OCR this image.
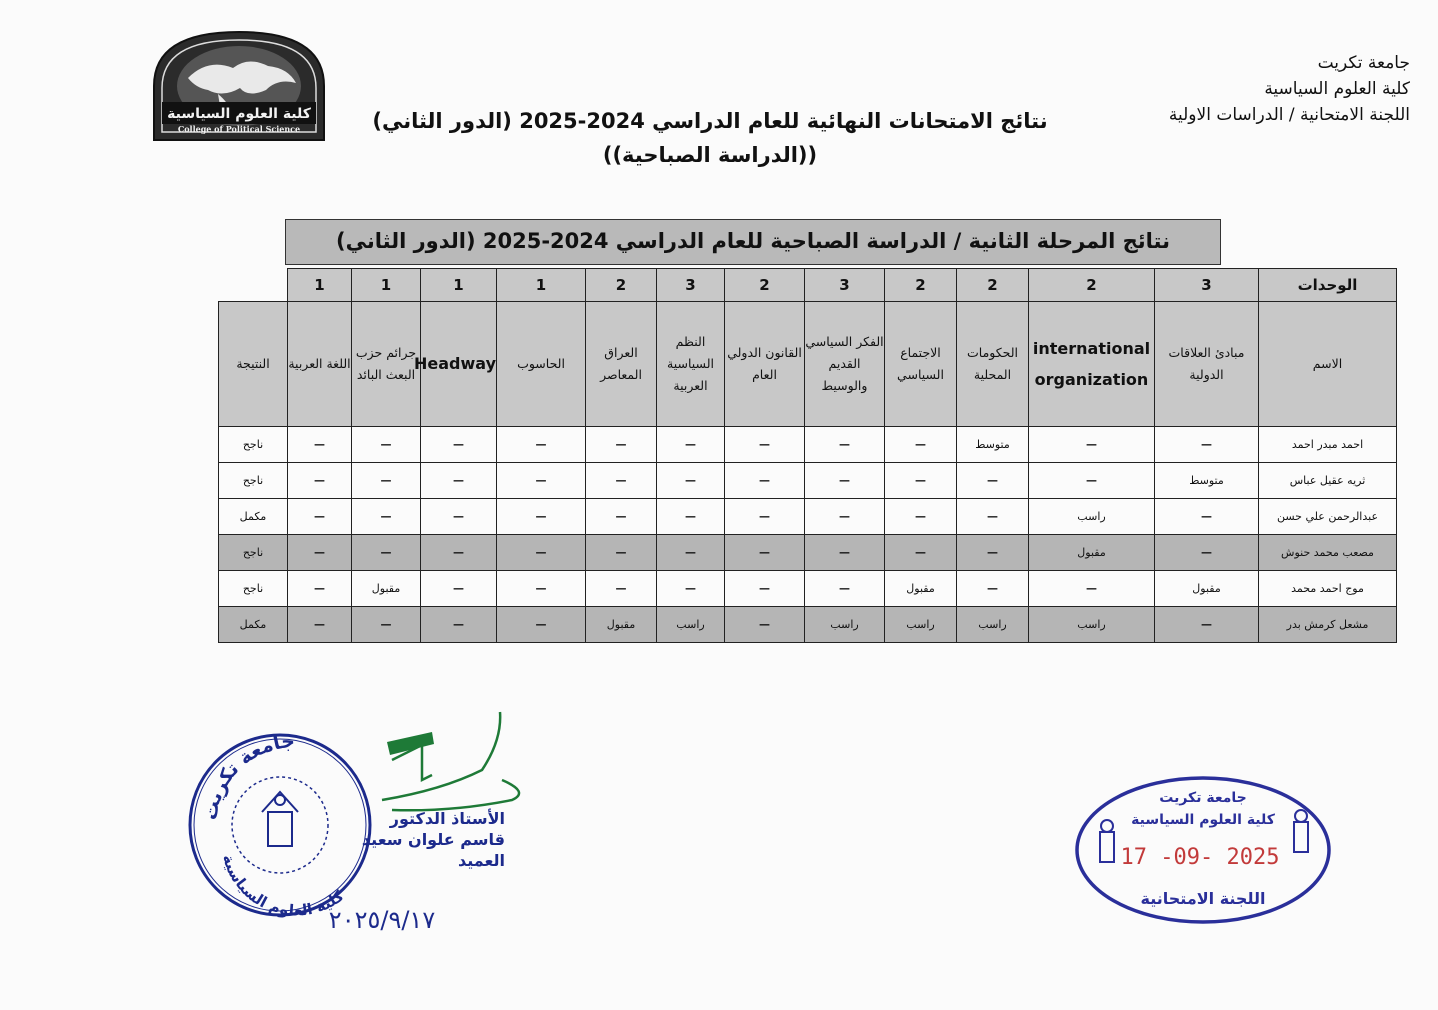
جامعة تكريت
كلية العلوم السياسية
اللجنة الامتحانية / الدراسات الاولية
نتائج الامتحانات النهائية للعام الدراسي 2024-2025 (الدور الثاني)
((الدراسة الصباحية))
كلية العلوم السياسية
College of Political Science
نتائج المرحلة الثانية / الدراسة الصباحية للعام الدراسي 2024-2025 (الدور الثاني)
الوحدات	3	2	2	2	3	2	3	2	1	1	1	1	
الاسم	مبادئ العلاقات الدولية	international organization	الحكومات المحلية	الاجتماع السياسي	الفكر السياسي القديم والوسيط	القانون الدولي العام	النظم السياسية العربية	العراق المعاصر	الحاسوب	Headway	جرائم حزب البعث البائد	اللغة العربية	النتيجة
احمد مبدر احمد	—	—	متوسط	—	—	—	—	—	—	—	—	—	ناجح
ثريه عقيل عباس	متوسط	—	—	—	—	—	—	—	—	—	—	—	ناجح
عبدالرحمن علي حسن	—	راسب	—	—	—	—	—	—	—	—	—	—	مكمل
مصعب محمد حنوش	—	مقبول	—	—	—	—	—	—	—	—	—	—	ناجح
موج احمد محمد	مقبول	—	—	مقبول	—	—	—	—	—	—	مقبول	—	ناجح
مشعل كرمش بدر	—	راسب	راسب	راسب	راسب	—	راسب	مقبول	—	—	—	—	مكمل
جامعة تكريت
كلية العلوم السياسية
٢٠٢٥/٩/١٧
الأستاذ الدكتور
قاسم علوان سعيد
العميد
جامعة تكريت
كلية العلوم السياسية
17 -09- 2025
اللجنة الامتحانية
